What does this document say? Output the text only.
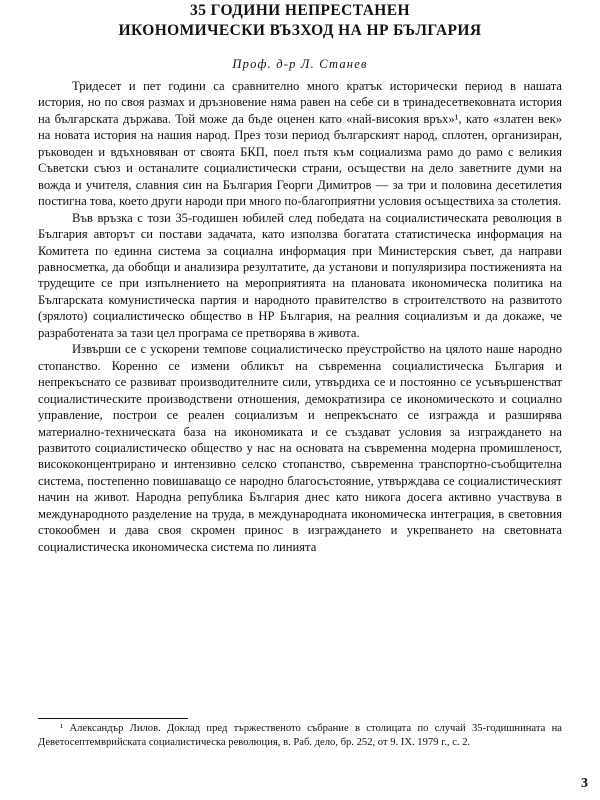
35 ГОДИНИ НЕПРЕСТАНЕН
ИКОНОМИЧЕСКИ ВЪЗХОД НА НР БЪЛГАРИЯ
Проф. д-р Л. Станев

Тридесет и пет години са сравнително много кратък исторически период в нашата история, но по своя размах и дръзновение няма равен на себе си в тринадесетвековната история на българската държава. Той може да бъде оценен като «най-високия връх»¹, като «златен век» на новата история на нашия народ. През този период българският народ, сплотен, организиран, ръководен и вдъхновяван от своята БКП, поел пътя към социализма рамо до рамо с великия Съветски съюз и останалите социалистически страни, осъществи на дело заветните думи на вожда и учителя, славния син на България Георги Димитров — за три и половина десетилетия постигна това, което други народи при много по-благоприятни условия осъществиха за столетия.

Във връзка с този 35-годишен юбилей след победата на социалистическата революция в България авторът си постави задачата, като използва богатата статистическа информация на Комитета по единна система за социална информация при Министерския съвет, да направи равносметка, да обобщи и анализира резултатите, да установи и популяризира постиженията на трудещите се при изпълнението на мероприятията на плановата икономическа политика на Българската комунистическа партия и народното правителство в строителството на развитото (зрялото) социалистическо общество в НР България, на реалния социализъм и да докаже, че разработената за тази цел програма се претворява в живота.

Извърши се с ускорени темпове социалистическо преустройство на цялото наше народно стопанство. Коренно се измени обликът на съвременна социалистическа България и непрекъснато се развиват производителните сили, утвърдиха се и постоянно се усъвършенстват социалистическите производствени отношения, демократизира се икономическото и социално управление, построи се реален социализъм и непрекъснато се изгражда и разширява материално-техническата база на икономиката и се създават условия за изграждането на развитото социалистическо общество у нас на основата на съвременна модерна промишленост, висококонцентрирано и интензивно селско стопанство, съвременна транспортно-съобщителна система, постепенно повишаващо се народно благосъстояние, утвърждава се социалистическият начин на живот. Народна република България днес като никога досега активно участвува в международното разделение на труда, в международната икономическа интеграция, в световния стокообмен и дава своя скромен принос в изграждането и укрепването на световната социалистическа икономическа система по линията

¹ Александър Лилов. Доклад пред тържественото събрание в столицата по случай 35-годишнината на Деветосептемврийската социалистическа революция, в. Раб. дело, бр. 252, от 9. IX. 1979 г., с. 2.

3
